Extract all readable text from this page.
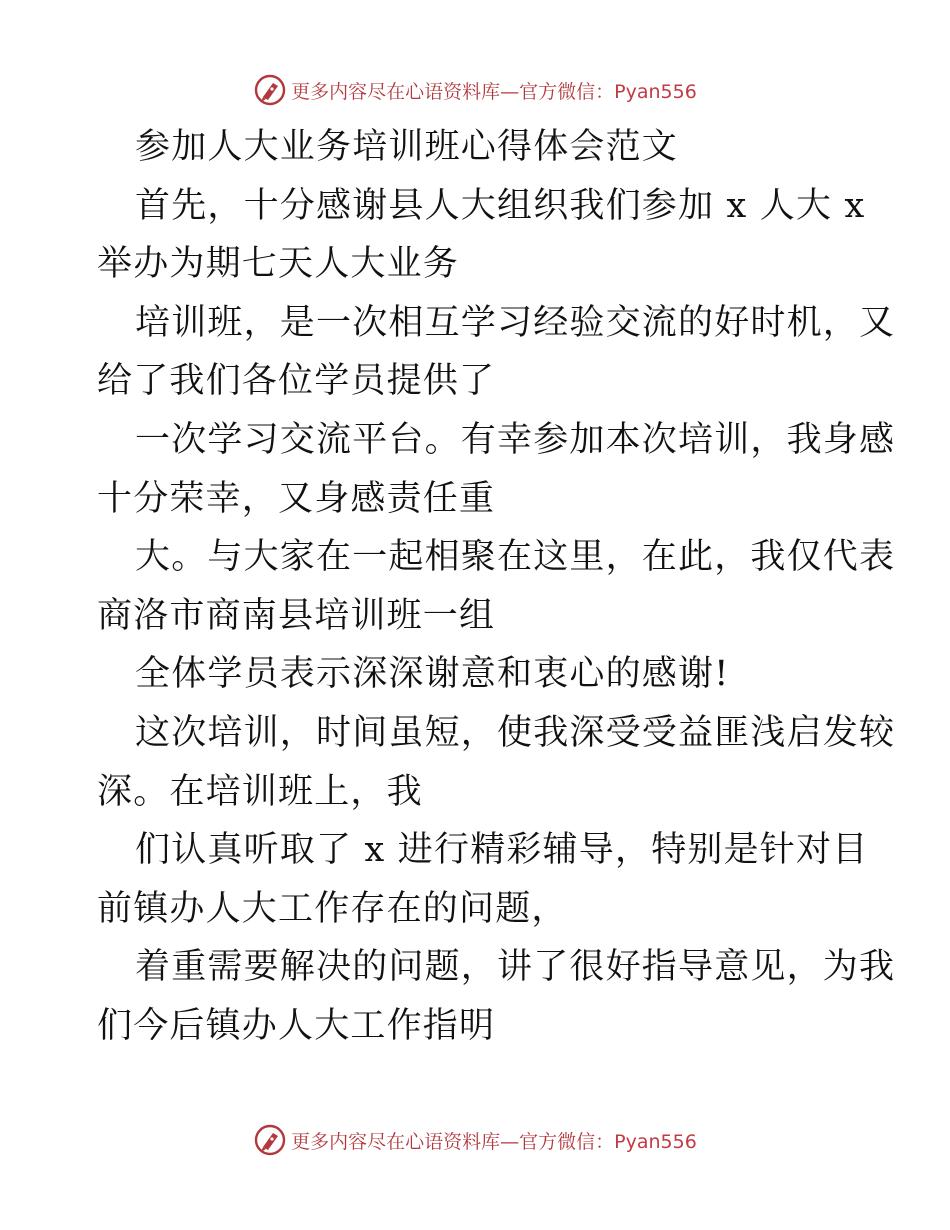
更多内容尽在心语资料库—官方微信：Pyan556
参加人大业务培训班心得体会范文
首先，十分感谢县人大组织我们参加 x 人大 x
举办为期七天人大业务
培训班，是一次相互学习经验交流的好时机，又
给了我们各位学员提供了
一次学习交流平台。有幸参加本次培训，我身感
十分荣幸，又身感责任重
大。与大家在一起相聚在这里，在此，我仅代表
商洛市商南县培训班一组
全体学员表示深深谢意和衷心的感谢!
这次培训，时间虽短，使我深受受益匪浅启发较
深。在培训班上，我
们认真听取了 x 进行精彩辅导，特别是针对目
前镇办人大工作存在的问题，
着重需要解决的问题，讲了很好指导意见，为我
们今后镇办人大工作指明
更多内容尽在心语资料库—官方微信：Pyan556
